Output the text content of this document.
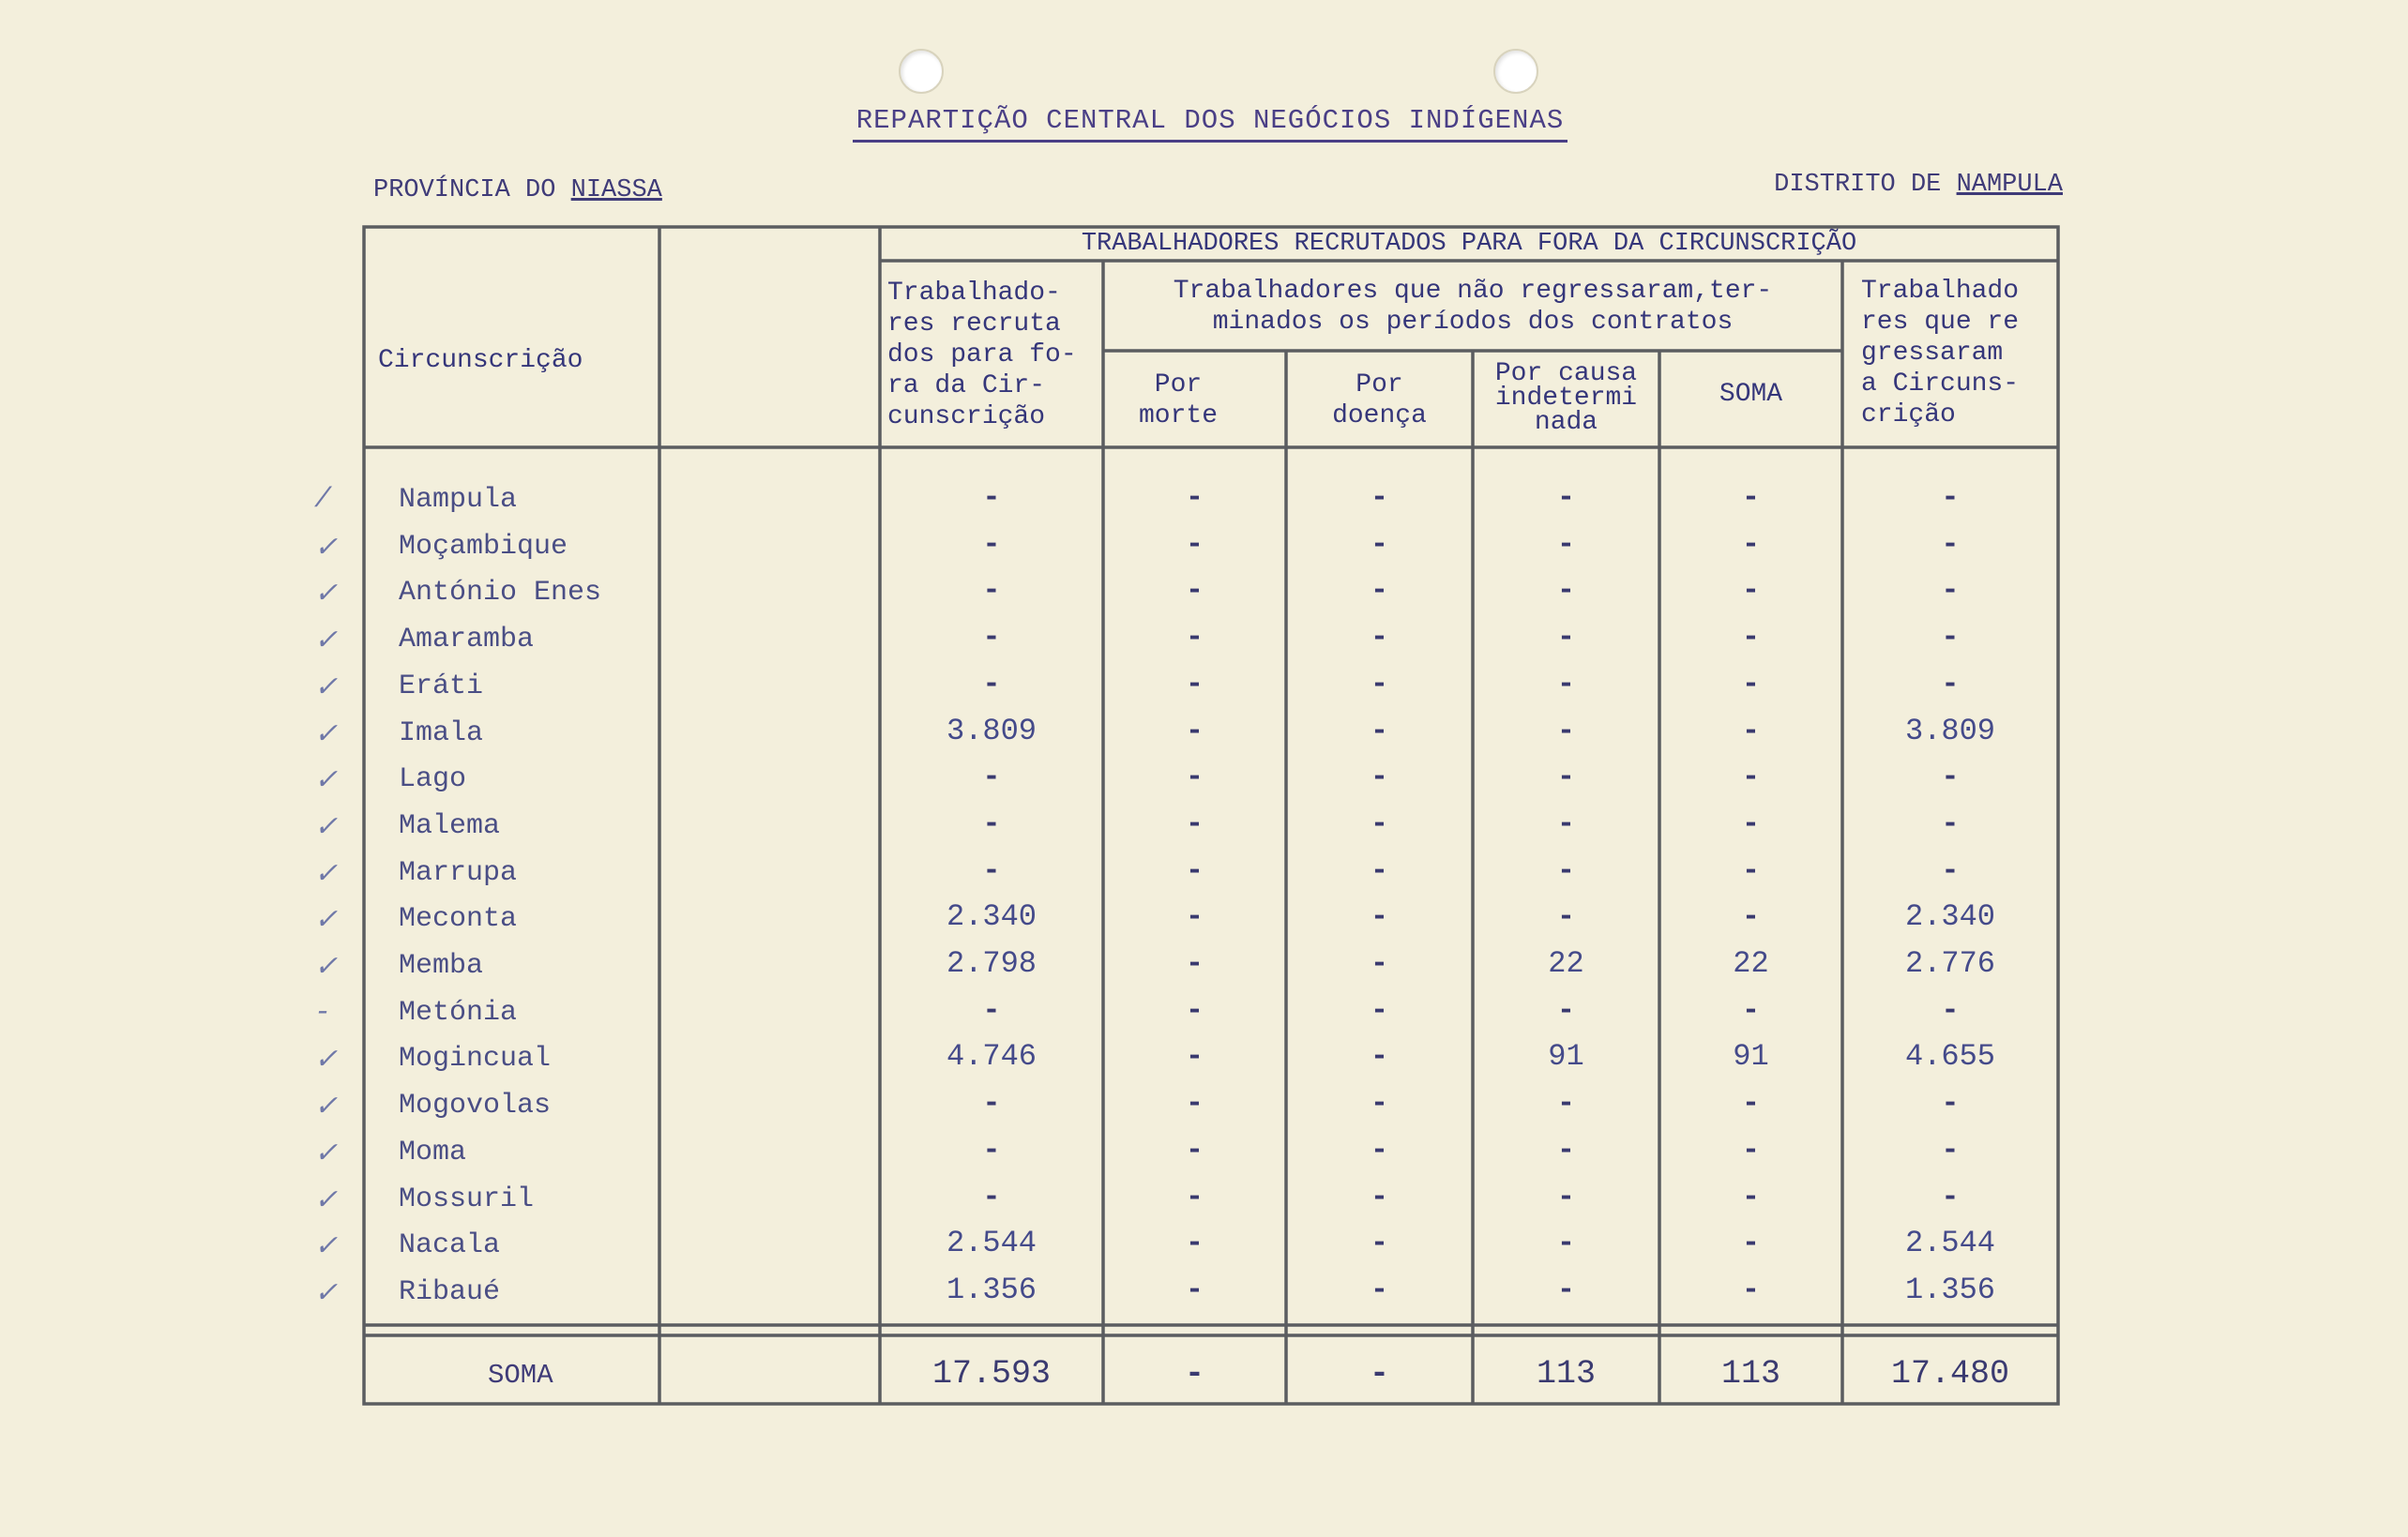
REPARTIÇÃO CENTRAL DOS NEGÓCIOS INDÍGENAS
PROVÍNCIA DO NIASSA	DISTRITO DE NAMPULA
Circunscrição
TRABALHADORES RECRUTADOS PARA FORA DA CIRCUNSCRIÇÃO
Trabalhado-
res recruta
dos para fo-
ra da Cir-
cunscrição
Trabalhadores que não regressaram,ter-
minados os períodos dos contratos
Por
morte
Por
doença
Por causa
indetermi
nada
SOMA
Trabalhado
res que re
gressaram
a Circuns-
crição
/ Nampula	-	-	-	-	-	-
✓ Moçambique	-	-	-	-	-	-
✓ António Enes	-	-	-	-	-	-
✓ Amaramba	-	-	-	-	-	-
✓ Eráti	-	-	-	-	-	-
✓ Imala	3.809	-	-	-	-	3.809
✓ Lago	-	-	-	-	-	-
✓ Malema	-	-	-	-	-	-
✓ Marrupa	-	-	-	-	-	-
✓ Meconta	2.340	-	-	-	-	2.340
✓ Memba	2.798	-	-	22	22	2.776
- Metónia	-	-	-	-	-	-
✓ Mogincual	4.746	-	-	91	91	4.655
✓ Mogovolas	-	-	-	-	-	-
✓ Moma	-	-	-	-	-	-
✓ Mossuril	-	-	-	-	-	-
✓ Nacala	2.544	-	-	-	-	2.544
✓ Ribaué	1.356	-	-	-	-	1.356
SOMA	17.593	-	-	113	113	17.480
